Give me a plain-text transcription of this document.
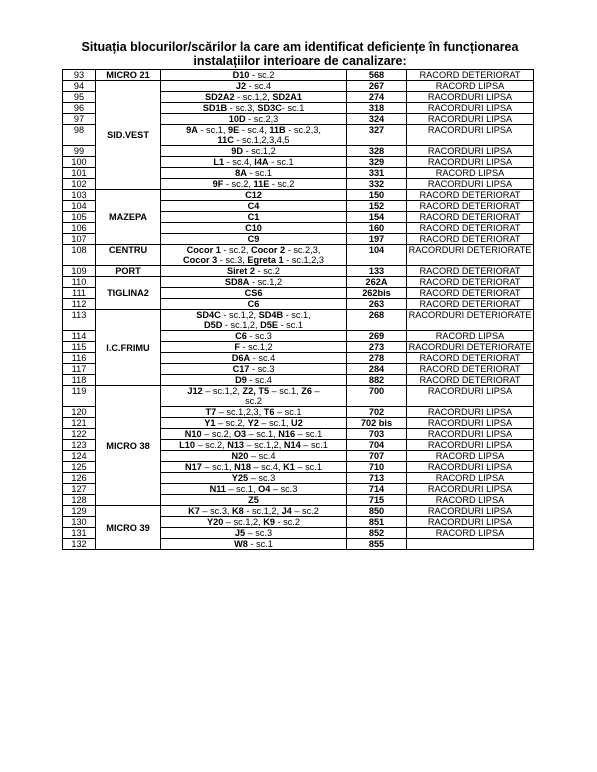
Situația blocurilor/scărilor la care am identificat deficiențe în funcționarea
instalațiilor interioare de canalizare:
93	MICRO 21	D10 - sc.2	568	RACORD DETERIORAT
94	SID.VEST	J2 - sc.4	267	RACORD LIPSA
95		SD2A2 - sc.1,2, SD2A1	274	RACORDURI LIPSA
96		SD1B - sc.3, SD3C- sc.1	318	RACORDURI LIPSA
97		10D - sc.2,3	324	RACORDURI LIPSA
98		9A - sc.1, 9E - sc.4, 11B - sc.2,3,
11C - sc.1,2,3,4,5	327	RACORDURI LIPSA
99		9D - sc.1,2	328	RACORDURI LIPSA
100		L1 - sc.4, I4A - sc.1	329	RACORDURI LIPSA
101		8A - sc.1	331	RACORD LIPSA
102		9F - sc.2, 11E - sc.2	332	RACORDURI LIPSA
103	MAZEPA	C12	150	RACORD DETERIORAT
104		C4	152	RACORD DETERIORAT
105		C1	154	RACORD DETERIORAT
106		C10	160	RACORD DETERIORAT
107		C9	197	RACORD DETERIORAT
108	CENTRU	Cocor 1 - sc.2, Cocor 2 - sc.2,3,
Cocor 3 - sc.3, Egreta 1 - sc.1,2,3	104	RACORDURI DETERIORATE
109	PORT	Siret 2 - sc.2	133	RACORD DETERIORAT
110	TIGLINA2	SD8A - sc.1,2	262A	RACORD DETERIORAT
111		CS6	262bis	RACORD DETERIORAT
112		C6	263	RACORD DETERIORAT
113	I.C.FRIMU	SD4C - sc.1,2, SD4B - sc.1,
D5D - sc.1,2, D5E - sc.1	268	RACORDURI DETERIORATE
114		C6 - sc.3	269	RACORD LIPSA
115		F - sc.1,2	273	RACORDURI DETERIORATE
116		D6A - sc.4	278	RACORD DETERIORAT
117		C17 - sc.3	284	RACORD DETERIORAT
118		D9 - sc.4	882	RACORD DETERIORAT
119	MICRO 38	J12 – sc.1,2, Z2, T5 – sc.1, Z6 –
sc.2	700	RACORDURI LIPSA
120		T7 – sc.1,2,3, T6 – sc.1	702	RACORDURI LIPSA
121		Y1 – sc.2, Y2 – sc.1, U2	702 bis	RACORDURI LIPSA
122		N10 – sc.2, O3 – sc.1, N16 – sc.1	703	RACORDURI LIPSA
123		L10 – sc.2, N13 – sc.1,2, N14 – sc.1	704	RACORDURI LIPSA
124		N20 – sc.4	707	RACORD LIPSA
125		N17 – sc.1, N18 – sc.4, K1 – sc.1	710	RACORDURI LIPSA
126		Y25 – sc.3	713	RACORD LIPSA
127		N11 – sc.1, O4 – sc.3	714	RACORDURI LIPSA
128		Z5	715	RACORD LIPSA
129	MICRO 39	K7 – sc.3, K8 - sc.1,2, J4 – sc.2	850	RACORDURI LIPSA
130		Y20 – sc.1,2, K9 - sc.2	851	RACORDURI LIPSA
131		J5 – sc.3	852	RACORD LIPSA
132		W8 - sc.1	855	
